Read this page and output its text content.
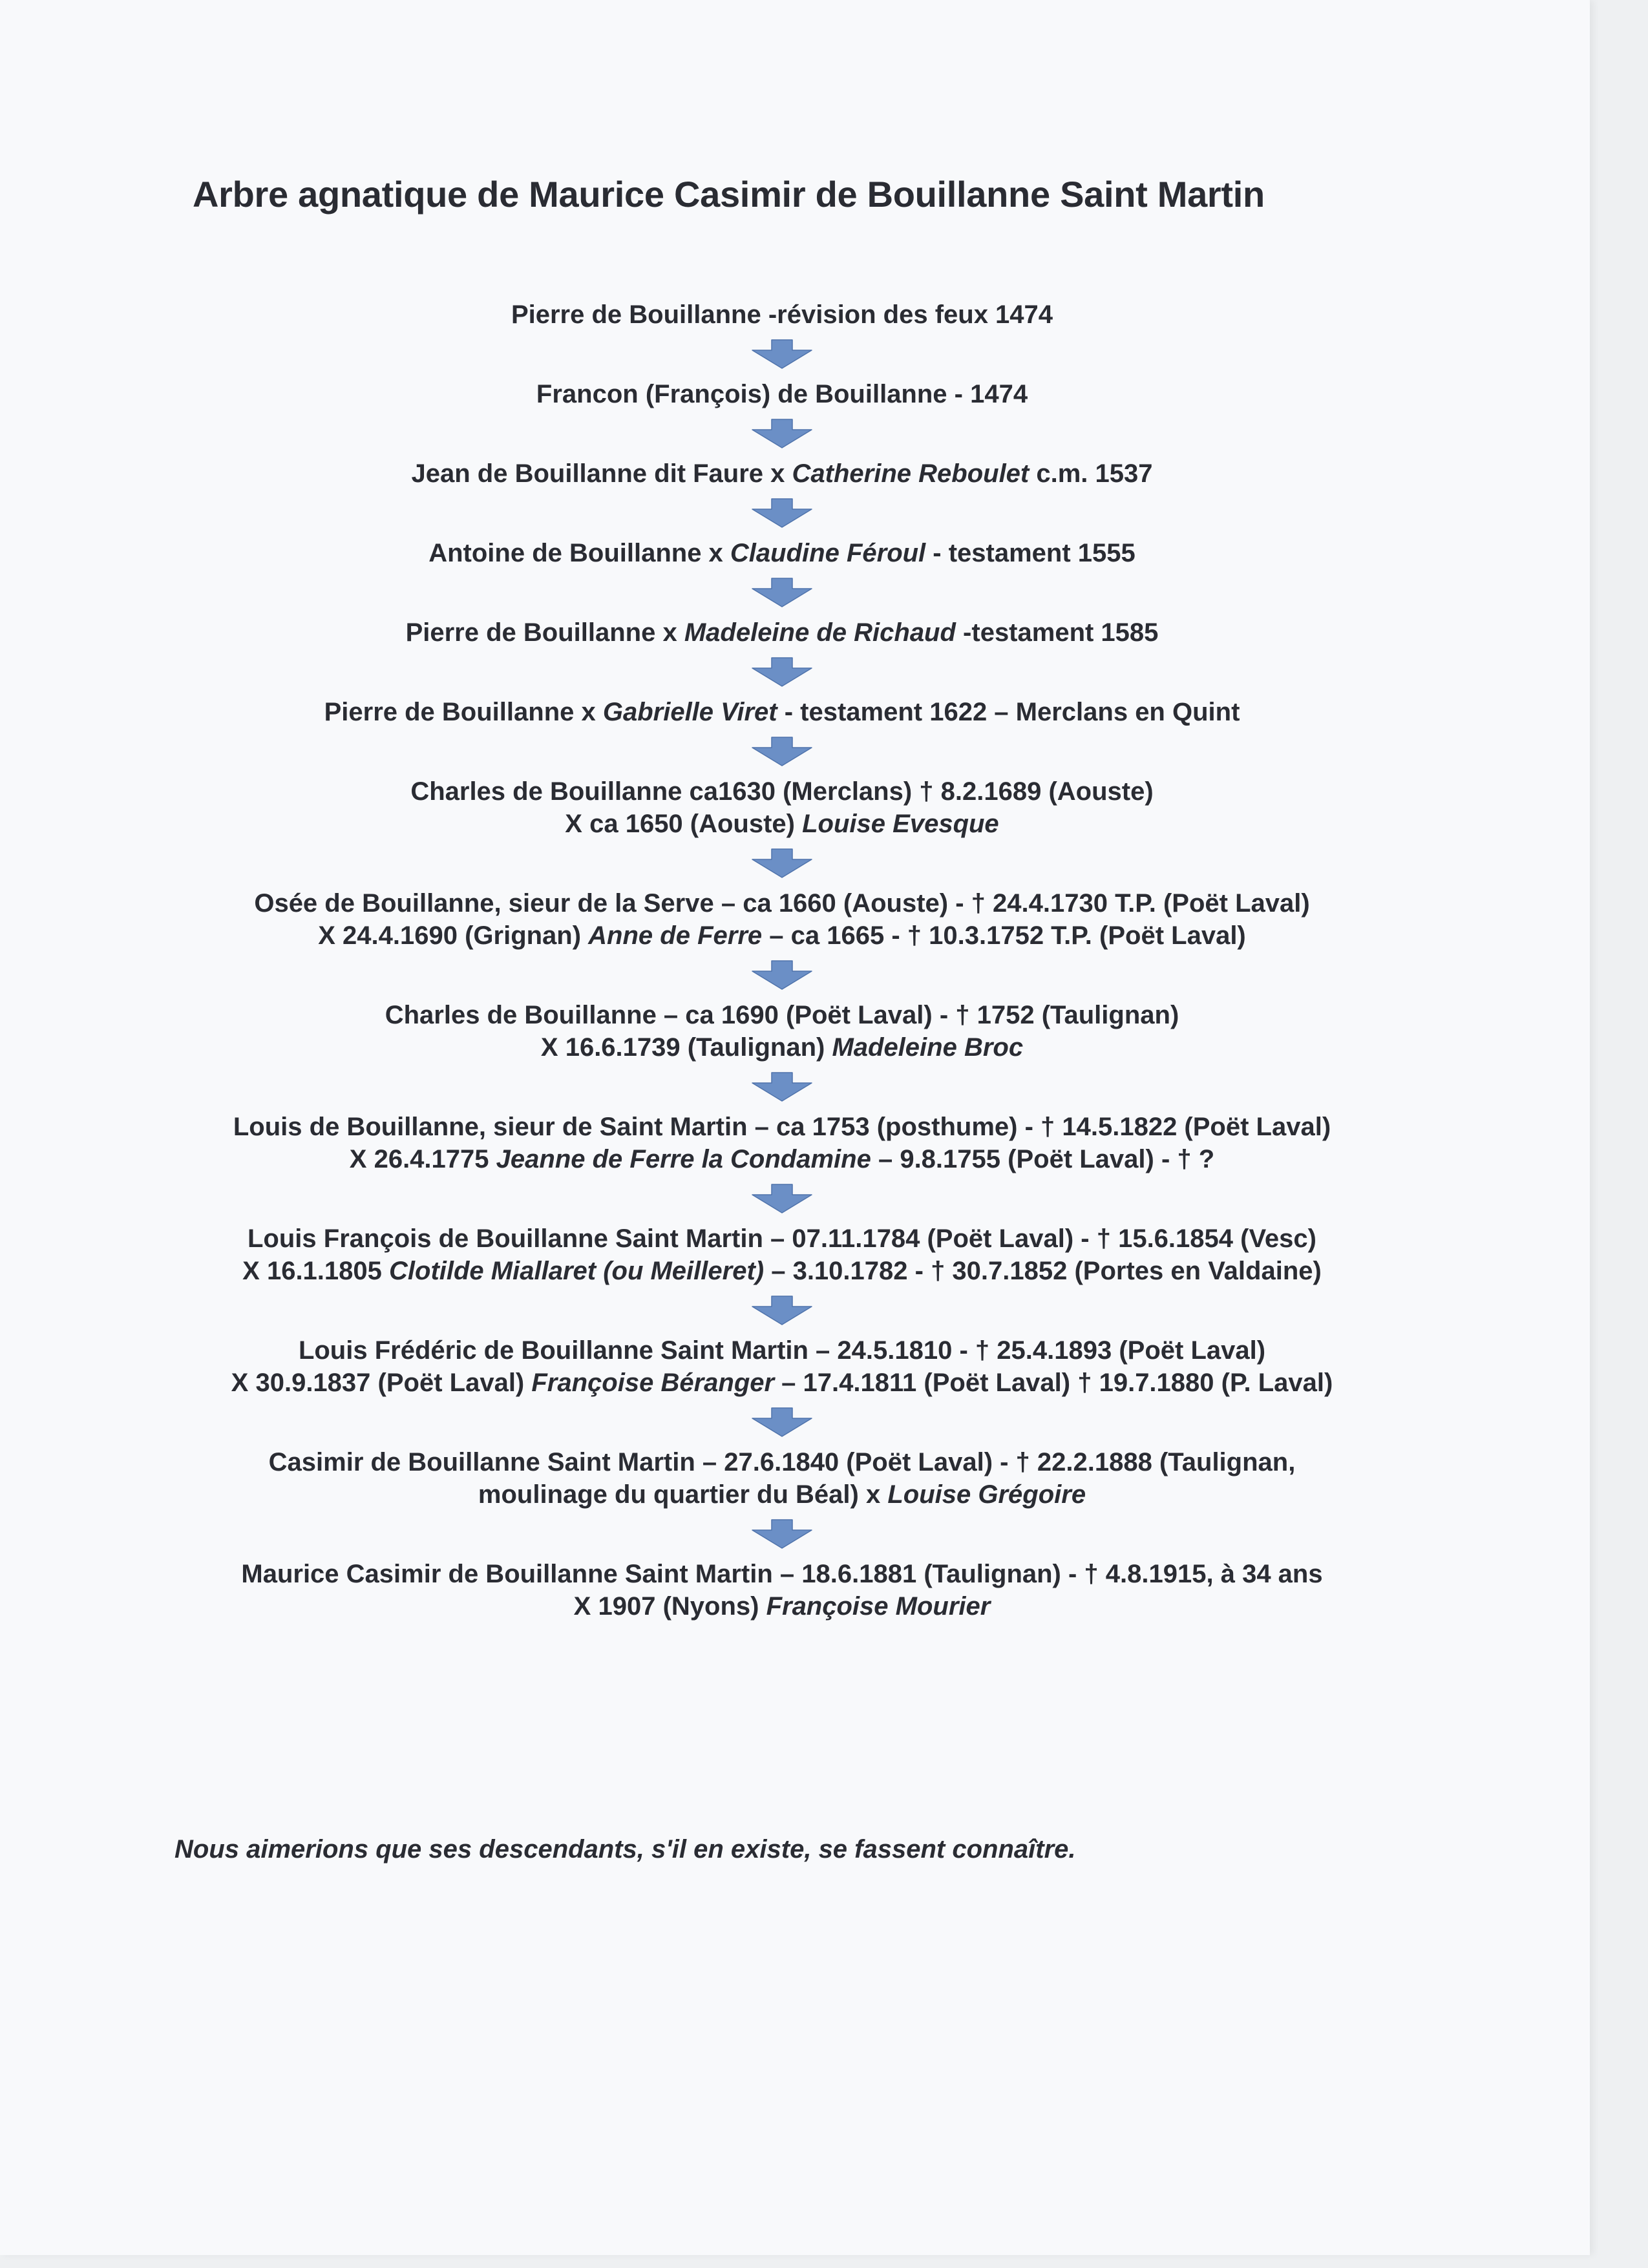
Arbre agnatique de Maurice Casimir de Bouillanne Saint Martin
Pierre de Bouillanne -révision des feux 1474
Francon (François) de Bouillanne - 1474
Jean de Bouillanne dit Faure x Catherine Reboulet c.m. 1537
Antoine de Bouillanne x Claudine Féroul - testament 1555
Pierre de Bouillanne x Madeleine de Richaud -testament 1585
Pierre de Bouillanne x Gabrielle Viret - testament 1622 – Merclans en Quint
Charles de Bouillanne ca1630 (Merclans) † 8.2.1689 (Aouste)
X ca 1650 (Aouste) Louise Evesque
Osée de Bouillanne, sieur de la Serve – ca 1660 (Aouste) - † 24.4.1730 T.P. (Poët Laval)
X 24.4.1690 (Grignan) Anne de Ferre – ca 1665 - † 10.3.1752 T.P. (Poët Laval)
Charles de Bouillanne – ca 1690 (Poët Laval) - † 1752 (Taulignan)
X 16.6.1739 (Taulignan) Madeleine Broc
Louis de Bouillanne, sieur de Saint Martin – ca 1753 (posthume) - † 14.5.1822 (Poët Laval)
X 26.4.1775 Jeanne de Ferre la Condamine – 9.8.1755 (Poët Laval) - † ?
Louis François de Bouillanne Saint Martin – 07.11.1784 (Poët Laval) - † 15.6.1854 (Vesc)
X 16.1.1805 Clotilde Miallaret (ou Meilleret) – 3.10.1782 - † 30.7.1852 (Portes en Valdaine)
Louis Frédéric de Bouillanne Saint Martin – 24.5.1810 - † 25.4.1893 (Poët Laval)
X 30.9.1837 (Poët Laval) Françoise Béranger – 17.4.1811 (Poët Laval) † 19.7.1880 (P. Laval)
Casimir de Bouillanne Saint Martin – 27.6.1840 (Poët Laval) - † 22.2.1888 (Taulignan,
moulinage du quartier du Béal) x Louise Grégoire
Maurice Casimir de Bouillanne Saint Martin – 18.6.1881 (Taulignan) - † 4.8.1915, à 34 ans
X 1907 (Nyons) Françoise Mourier

Nous aimerions que ses descendants, s'il en existe, se fassent connaître.
